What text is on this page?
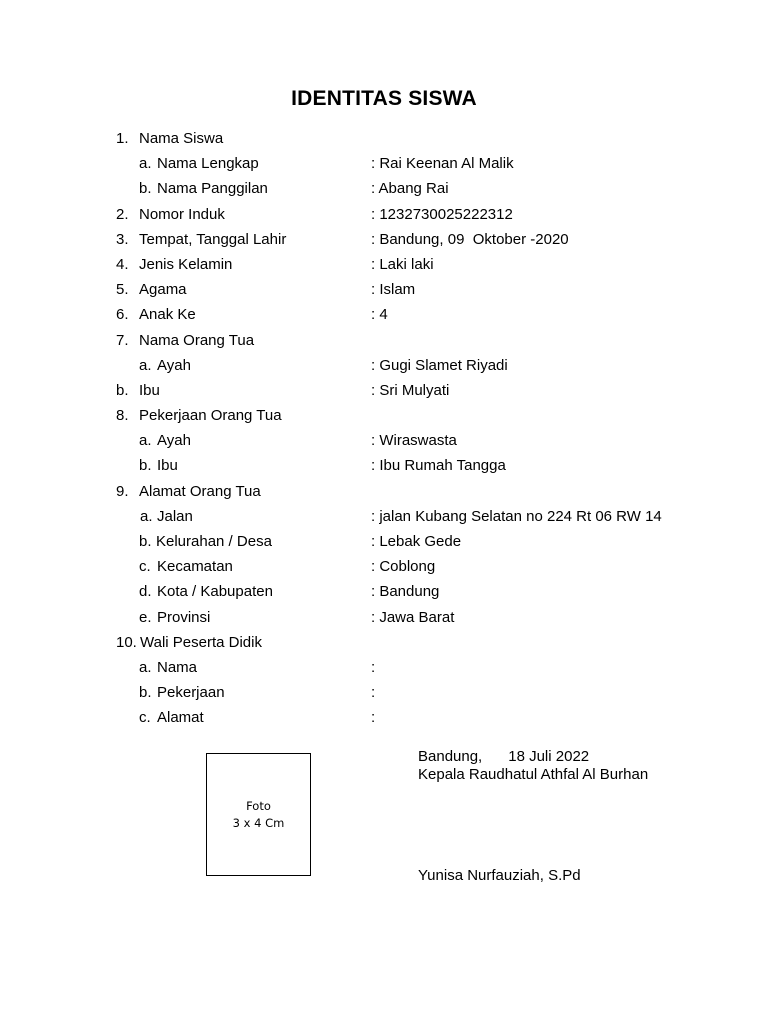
IDENTITAS SISWA
1. Nama Siswa
a. Nama Lengkap	: Rai Keenan Al Malik
b. Nama Panggilan	: Abang Rai
2. Nomor Induk	: 1232730025222312
3. Tempat, Tanggal Lahir	: Bandung, 09  Oktober -2020
4. Jenis Kelamin	: Laki laki
5. Agama	: Islam
6. Anak Ke	: 4
7. Nama Orang Tua
a. Ayah	: Gugi Slamet Riyadi
b. Ibu	: Sri Mulyati
8. Pekerjaan Orang Tua
a. Ayah	: Wiraswasta
b. Ibu	: Ibu Rumah Tangga
9. Alamat Orang Tua
a. Jalan	: jalan Kubang Selatan no 224 Rt 06 RW 14
b. Kelurahan / Desa	: Lebak Gede
c. Kecamatan	: Coblong
d. Kota / Kabupaten	: Bandung
e. Provinsi	: Jawa Barat
10. Wali Peserta Didik
a. Nama	:
b. Pekerjaan	:
c. Alamat	:
Foto
3 x 4 Cm
Bandung, 18 Juli 2022
Kepala Raudhatul Athfal Al Burhan
Yunisa Nurfauziah, S.Pd
